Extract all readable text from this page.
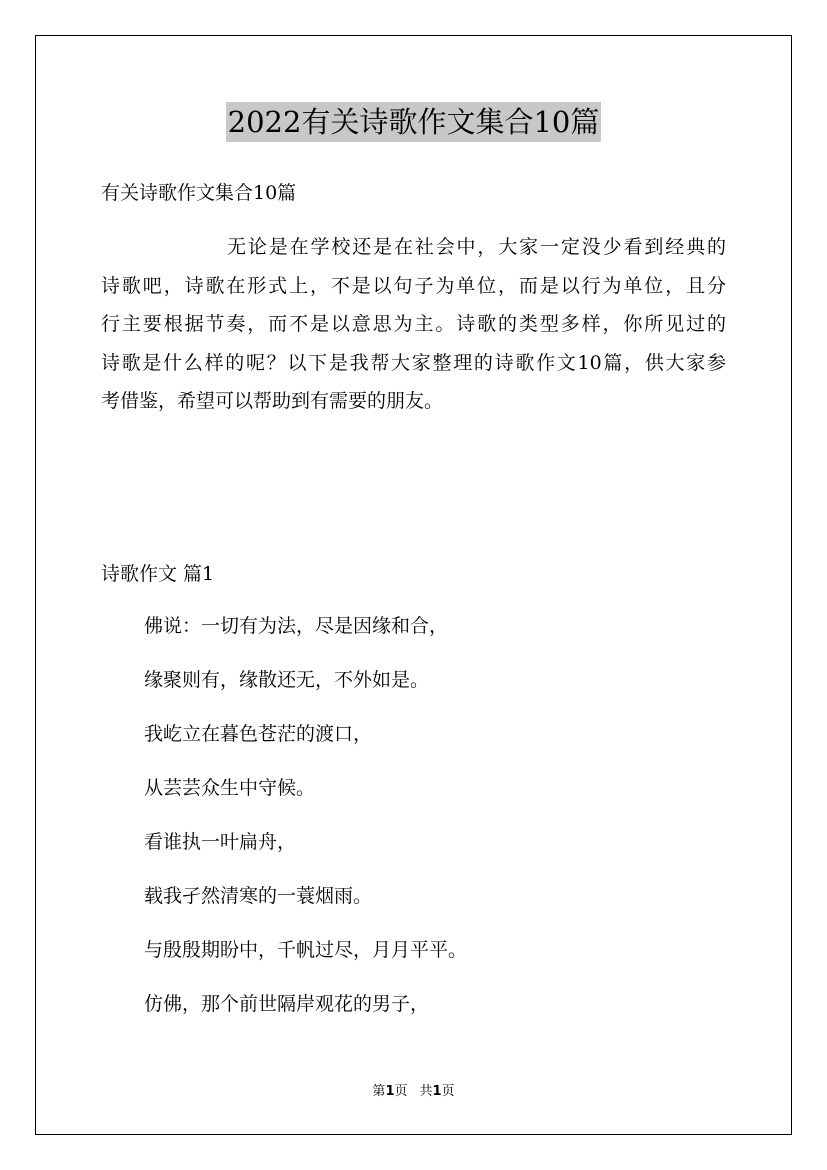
2022有关诗歌作文集合10篇

有关诗歌作文集合10篇

无论是在学校还是在社会中，大家一定没少看到经典的
诗歌吧，诗歌在形式上，不是以句子为单位，而是以行为单位，且分
行主要根据节奏，而不是以意思为主。诗歌的类型多样，你所见过的
诗歌是什么样的呢？以下是我帮大家整理的诗歌作文10篇，供大家参
考借鉴，希望可以帮助到有需要的朋友。

诗歌作文 篇1

佛说：一切有为法，尽是因缘和合，
缘聚则有，缘散还无，不外如是。
我屹立在暮色苍茫的渡口，
从芸芸众生中守候。
看谁执一叶扁舟，
载我孑然清寒的一蓑烟雨。
与殷殷期盼中，千帆过尽，月月平平。
仿佛，那个前世隔岸观花的男子，
第1页 共1页
